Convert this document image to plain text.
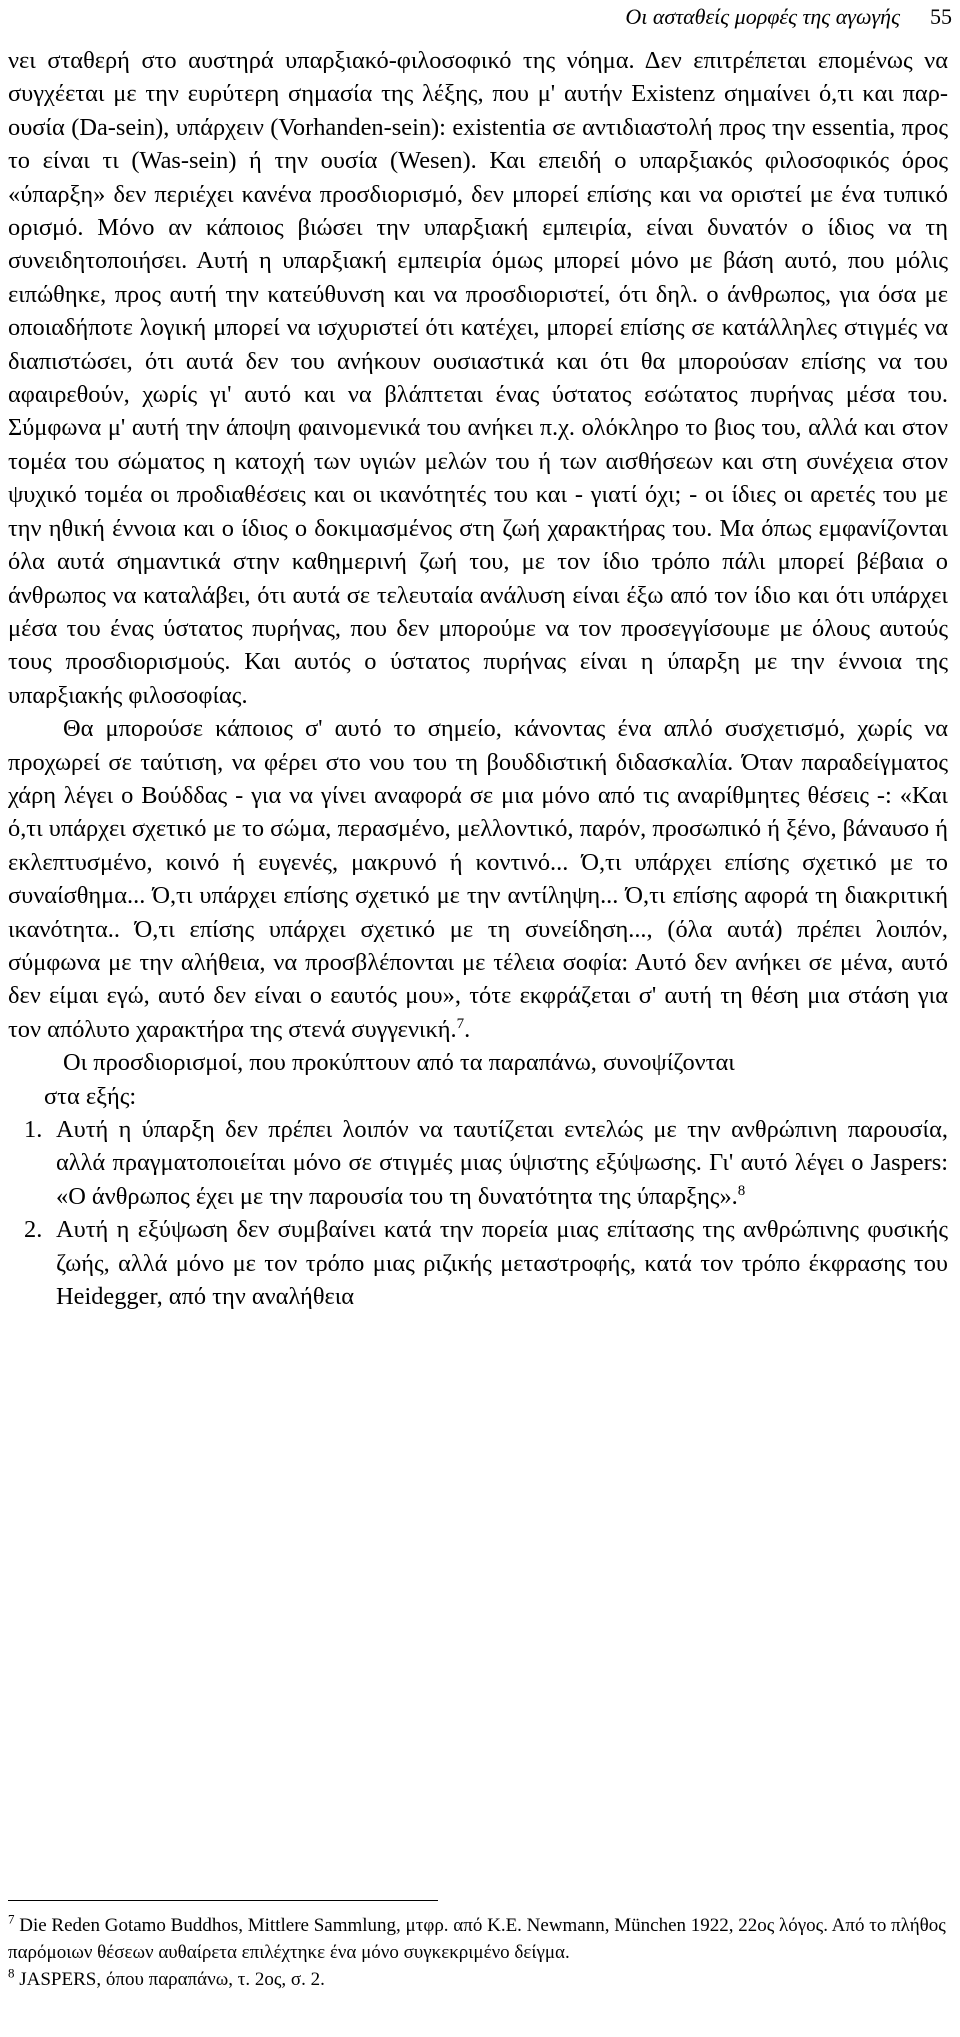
Οι ασταθείς μορφές της αγωγής 55

νει σταθερή στο αυστηρά υπαρξιακό-φιλοσοφικό της νόημα. Δεν επιτρέπεται επομένως να συγχέεται με την ευρύτερη σημασία της λέξης, που μ' αυτήν Existenz σημαίνει ό,τι και παρ-ουσία (Da-sein), υπάρχειν (Vorhanden-sein): existentia σε αντιδιαστολή προς την essentia, προς το είναι τι (Was-sein) ή την ουσία (Wesen). Και επειδή ο υπαρξιακός φιλοσοφικός όρος «ύπαρξη» δεν περιέχει κανένα προσδιορισμό, δεν μπορεί επίσης και να οριστεί με ένα τυπικό ορισμό. Μόνο αν κάποιος βιώσει την υπαρξιακή εμπειρία, είναι δυνατόν ο ίδιος να τη συνειδητοποιήσει. Αυτή η υπαρξιακή εμπειρία όμως μπορεί μόνο με βάση αυτό, που μόλις ειπώθηκε, προς αυτή την κατεύθυνση και να προσδιοριστεί, ότι δηλ. ο άνθρωπος, για όσα με οποιαδήποτε λογική μπορεί να ισχυριστεί ότι κατέχει, μπορεί επίσης σε κατάλληλες στιγμές να διαπιστώσει, ότι αυτά δεν του ανήκουν ουσιαστικά και ότι θα μπορούσαν επίσης να του αφαιρεθούν, χωρίς γι' αυτό και να βλάπτεται ένας ύστατος εσώτατος πυρήνας μέσα του. Σύμφωνα μ' αυτή την άποψη φαινομενικά του ανήκει π.χ. ολόκληρο το βιος του, αλλά και στον τομέα του σώματος η κατοχή των υγιών μελών του ή των αισθήσεων και στη συνέχεια στον ψυχικό τομέα οι προδιαθέσεις και οι ικανότητές του και - γιατί όχι; - οι ίδιες οι αρετές του με την ηθική έννοια και ο ίδιος ο δοκιμασμένος στη ζωή χαρακτήρας του. Μα όπως εμφανίζονται όλα αυτά σημαντικά στην καθημερινή ζωή του, με τον ίδιο τρόπο πάλι μπορεί βέβαια ο άνθρωπος να καταλάβει, ότι αυτά σε τελευταία ανάλυση είναι έξω από τον ίδιο και ότι υπάρχει μέσα του ένας ύστατος πυρήνας, που δεν μπορούμε να τον προσεγγίσουμε με όλους αυτούς τους προσδιορισμούς. Και αυτός ο ύστατος πυρήνας είναι η ύπαρξη με την έννοια της υπαρξιακής φιλοσοφίας.

Θα μπορούσε κάποιος σ' αυτό το σημείο, κάνοντας ένα απλό συσχετισμό, χωρίς να προχωρεί σε ταύτιση, να φέρει στο νου του τη βουδδιστική διδασκαλία. Όταν παραδείγματος χάρη λέγει ο Βούδδας - για να γίνει αναφορά σε μια μόνο από τις αναρίθμητες θέσεις -: «Και ό,τι υπάρχει σχετικό με το σώμα, περασμένο, μελλοντικό, παρόν, προσωπικό ή ξένο, βάναυσο ή εκλεπτυσμένο, κοινό ή ευγενές, μακρυνό ή κοντινό... Ό,τι υπάρχει επίσης σχετικό με το συναίσθημα... Ό,τι υπάρχει επίσης σχετικό με την αντίληψη... Ό,τι επίσης αφορά τη διακριτική ικανότητα.. Ό,τι επίσης υπάρχει σχετικό με τη συνείδηση..., (όλα αυτά) πρέπει λοιπόν, σύμφωνα με την αλήθεια, να προσβλέπονται με τέλεια σοφία: Αυτό δεν ανήκει σε μένα, αυτό δεν είμαι εγώ, αυτό δεν είναι ο εαυτός μου», τότε εκφράζεται σ' αυτή τη θέση μια στάση για τον απόλυτο χαρακτήρα της στενά συγγενική.$^7$.

Οι προσδιορισμοί, που προκύπτουν από τα παραπάνω, συνοψίζονται

στα εξής:

1. Αυτή η ύπαρξη δεν πρέπει λοιπόν να ταυτίζεται εντελώς με την ανθρώπινη παρουσία, αλλά πραγματοποιείται μόνο σε στιγμές μιας ύψιστης εξύψωσης. Γι' αυτό λέγει ο Jaspers: «Ο άνθρωπος έχει με την παρουσία του τη δυνατότητα της ύπαρξης».$^8$
2. Αυτή η εξύψωση δεν συμβαίνει κατά την πορεία μιας επίτασης της ανθρώπινης φυσικής ζωής, αλλά μόνο με τον τρόπο μιας ριζικής μεταστροφής, κατά τον τρόπο έκφρασης του Heidegger, από την αναλήθεια

$^7$ Die Reden Gotamo Buddhos, Mittlere Sammlung, μτφρ. από K.E. Newmann, München 1922, 22ος λόγος. Από το πλήθος παρόμοιων θέσεων αυθαίρετα επιλέχτηκε ένα μόνο συγκεκριμένο δείγμα.

$^8$ JASPERS, όπου παραπάνω, τ. 2ος, σ. 2.
